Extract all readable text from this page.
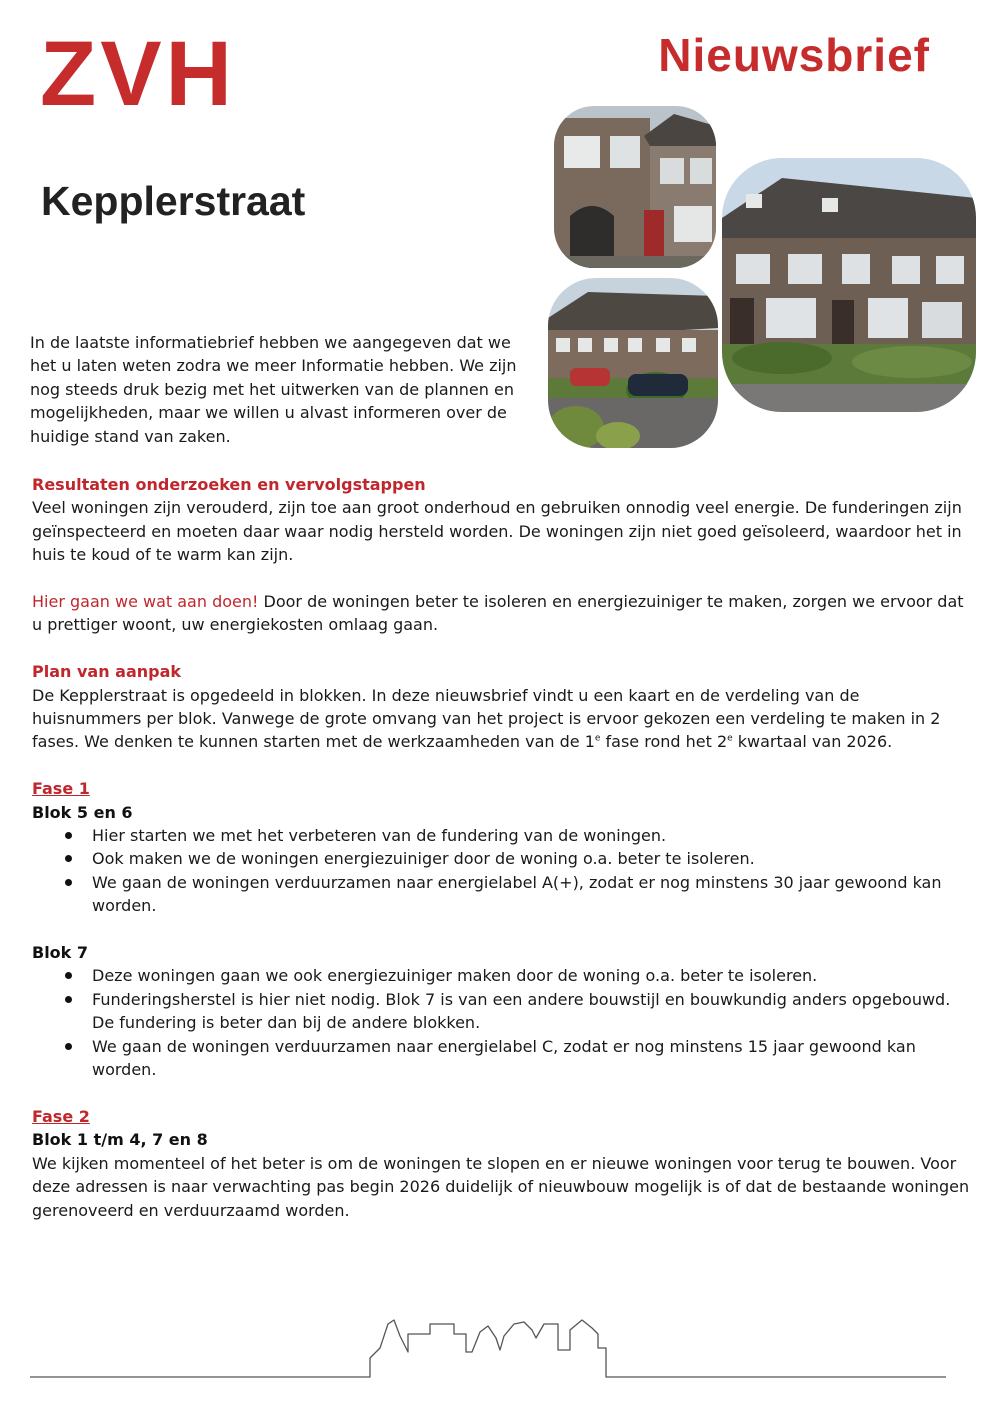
ZVH	Nieuwsbrief
Kepplerstraat
In de laatste informatiebrief hebben we aangegeven dat we het u laten weten zodra we meer Informatie hebben. We zijn nog steeds druk bezig met het uitwerken van de plannen en mogelijkheden, maar we willen u alvast informeren over de huidige stand van zaken.

Resultaten onderzoeken en vervolgstappen

Veel woningen zijn verouderd, zijn toe aan groot onderhoud en gebruiken onnodig veel energie. De funderingen zijn geïnspecteerd en moeten daar waar nodig hersteld worden. De woningen zijn niet goed geïsoleerd, waardoor het in huis te koud of te warm kan zijn.

Hier gaan we wat aan doen! Door de woningen beter te isoleren en energiezuiniger te maken, zorgen we ervoor dat u prettiger woont, uw energiekosten omlaag gaan.

Plan van aanpak

De Kepplerstraat is opgedeeld in blokken. In deze nieuwsbrief vindt u een kaart en de verdeling van de huisnummers per blok. Vanwege de grote omvang van het project is ervoor gekozen een verdeling te maken in 2 fases. We denken te kunnen starten met de werkzaamheden van de 1e fase rond het 2e kwartaal van 2026.

Fase 1

Blok 5 en 6

Hier starten we met het verbeteren van de fundering van de woningen.
Ook maken we de woningen energiezuiniger door de woning o.a. beter te isoleren.
We gaan de woningen verduurzamen naar energielabel A(+), zodat er nog minstens 30 jaar gewoond kan worden.

Blok 7

Deze woningen gaan we ook energiezuiniger maken door de woning o.a. beter te isoleren.
Funderingsherstel is hier niet nodig. Blok 7 is van een andere bouwstijl en bouwkundig anders opgebouwd. De fundering is beter dan bij de andere blokken.
We gaan de woningen verduurzamen naar energielabel C, zodat er nog minstens 15 jaar gewoond kan worden.

Fase 2

Blok 1 t/m 4, 7 en 8

We kijken momenteel of het beter is om de woningen te slopen en er nieuwe woningen voor terug te bouwen. Voor deze adressen is naar verwachting pas begin 2026 duidelijk of nieuwbouw mogelijk is of dat de bestaande woningen gerenoveerd en verduurzaamd worden.
